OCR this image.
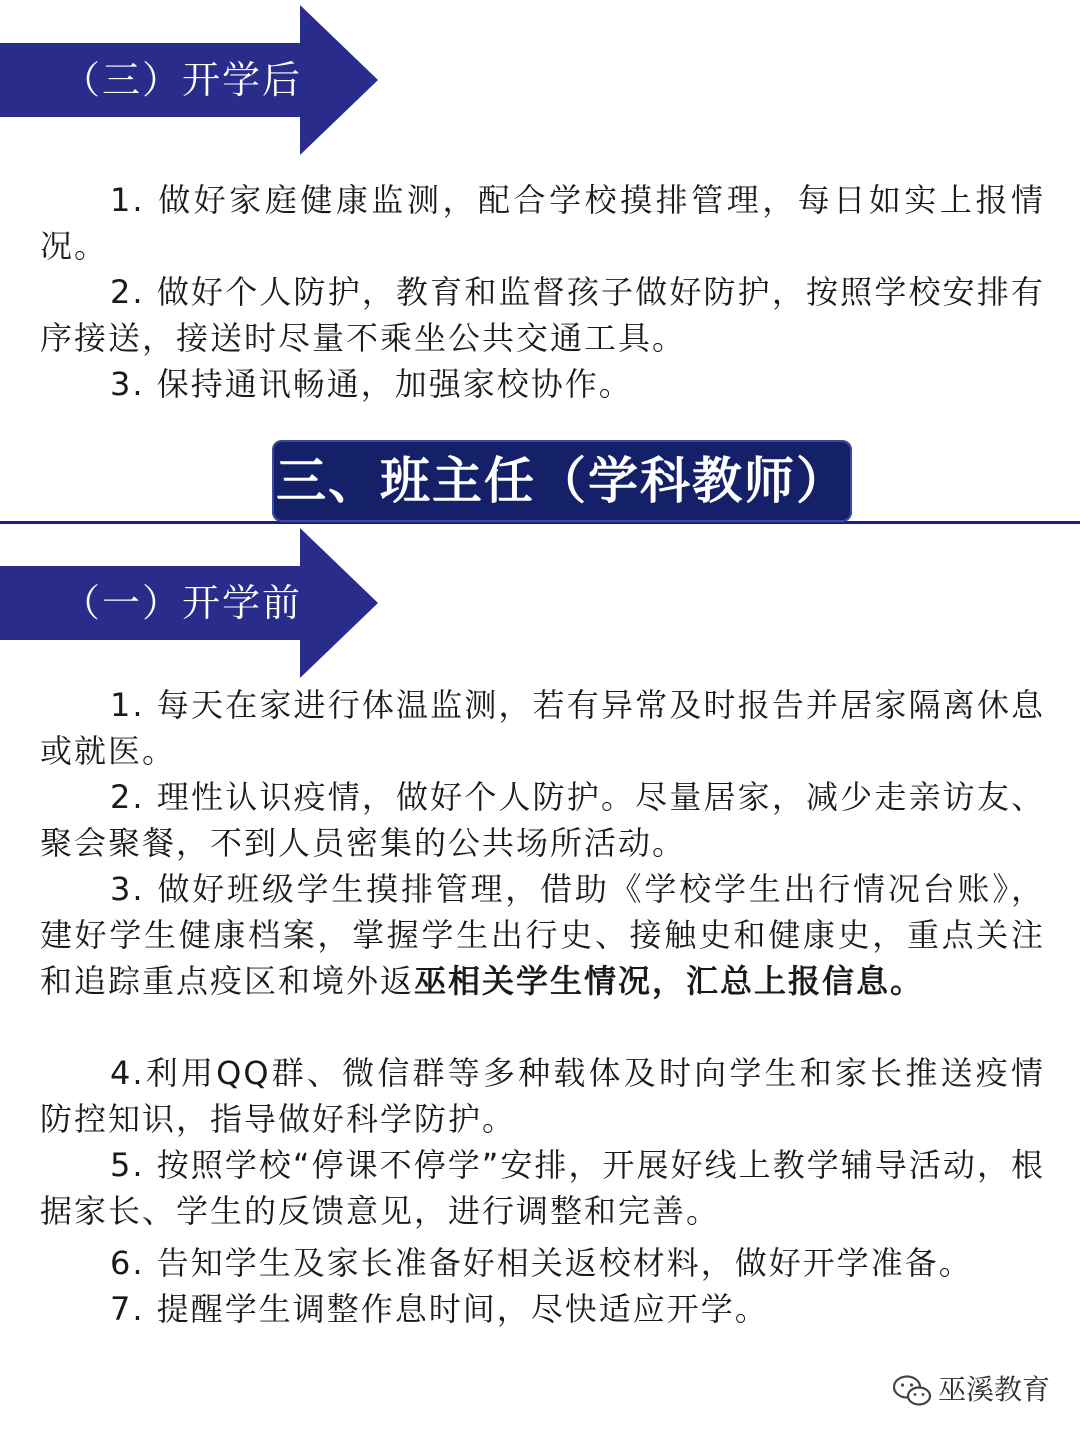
（三）开学后

1. 做好家庭健康监测，配合学校摸排管理，每日如实上报情况。

2. 做好个人防护，教育和监督孩子做好防护，按照学校安排有序接送，接送时尽量不乘坐公共交通工具。

3. 保持通讯畅通，加强家校协作。

三、班主任（学科教师）
（一）开学前

1. 每天在家进行体温监测，若有异常及时报告并居家隔离休息或就医。

2. 理性认识疫情，做好个人防护。尽量居家，减少走亲访友、聚会聚餐，不到人员密集的公共场所活动。

3. 做好班级学生摸排管理，借助《学校学生出行情况台账》， 建好学生健康档案，掌握学生出行史、接触史和健康史，重点关注和追踪重点疫区和境外返巫相关学生情况，汇总上报信息。

4.利用QQ群、微信群等多种载体及时向学生和家长推送疫情防控知识，指导做好科学防护。

5. 按照学校“停课不停学”安排，开展好线上教学辅导活动，根据家长、学生的反馈意见，进行调整和完善。

6. 告知学生及家长准备好相关返校材料，做好开学准备。

7. 提醒学生调整作息时间，尽快适应开学。

巫溪教育
